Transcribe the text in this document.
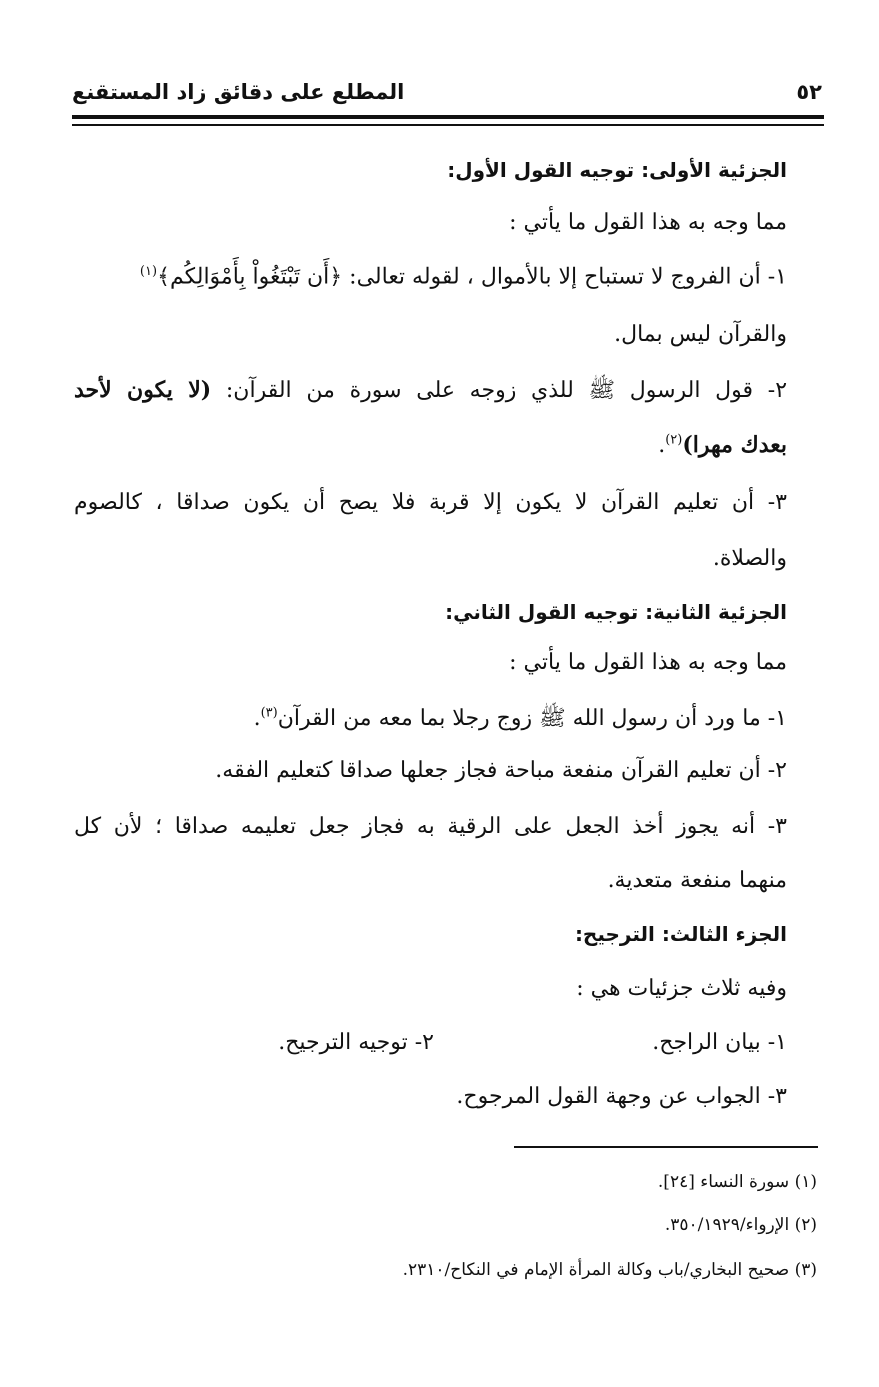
٥٢
المطلع على دقائق زاد المستقنع
الجزئية الأولى: توجيه القول الأول:
مما وجه به هذا القول ما يأتي :
١- أن الفروج لا تستباح إلا بالأموال ، لقوله تعالى: ﴿أَن تَبْتَغُواْ بِأَمْوَالِكُم﴾$^{(١)}$
والقرآن ليس بمال.
٢- قول الرسول ﷺ للذي زوجه على سورة من القرآن: (لا يكون لأحد
بعدك مهرا)$^{(٢)}$.
٣- أن تعليم القرآن لا يكون إلا قربة فلا يصح أن يكون صداقا ، كالصوم
والصلاة.
الجزئية الثانية: توجيه القول الثاني:
مما وجه به هذا القول ما يأتي :
١- ما ورد أن رسول الله ﷺ زوج رجلا بما معه من القرآن$^{(٣)}$.
٢- أن تعليم القرآن منفعة مباحة فجاز جعلها صداقا كتعليم الفقه.
٣- أنه يجوز أخذ الجعل على الرقية به فجاز جعل تعليمه صداقا ؛ لأن كل
منهما منفعة متعدية.
الجزء الثالث: الترجيح:
وفيه ثلاث جزئيات هي :
١- بيان الراجح.
٢- توجيه الترجيح.
٣- الجواب عن وجهة القول المرجوح.
(١) سورة النساء [٢٤].
(٢) الإرواء/٣٥٠/١٩٢٩.
(٣) صحيح البخاري/باب وكالة المرأة الإمام في النكاح/٢٣١٠.
